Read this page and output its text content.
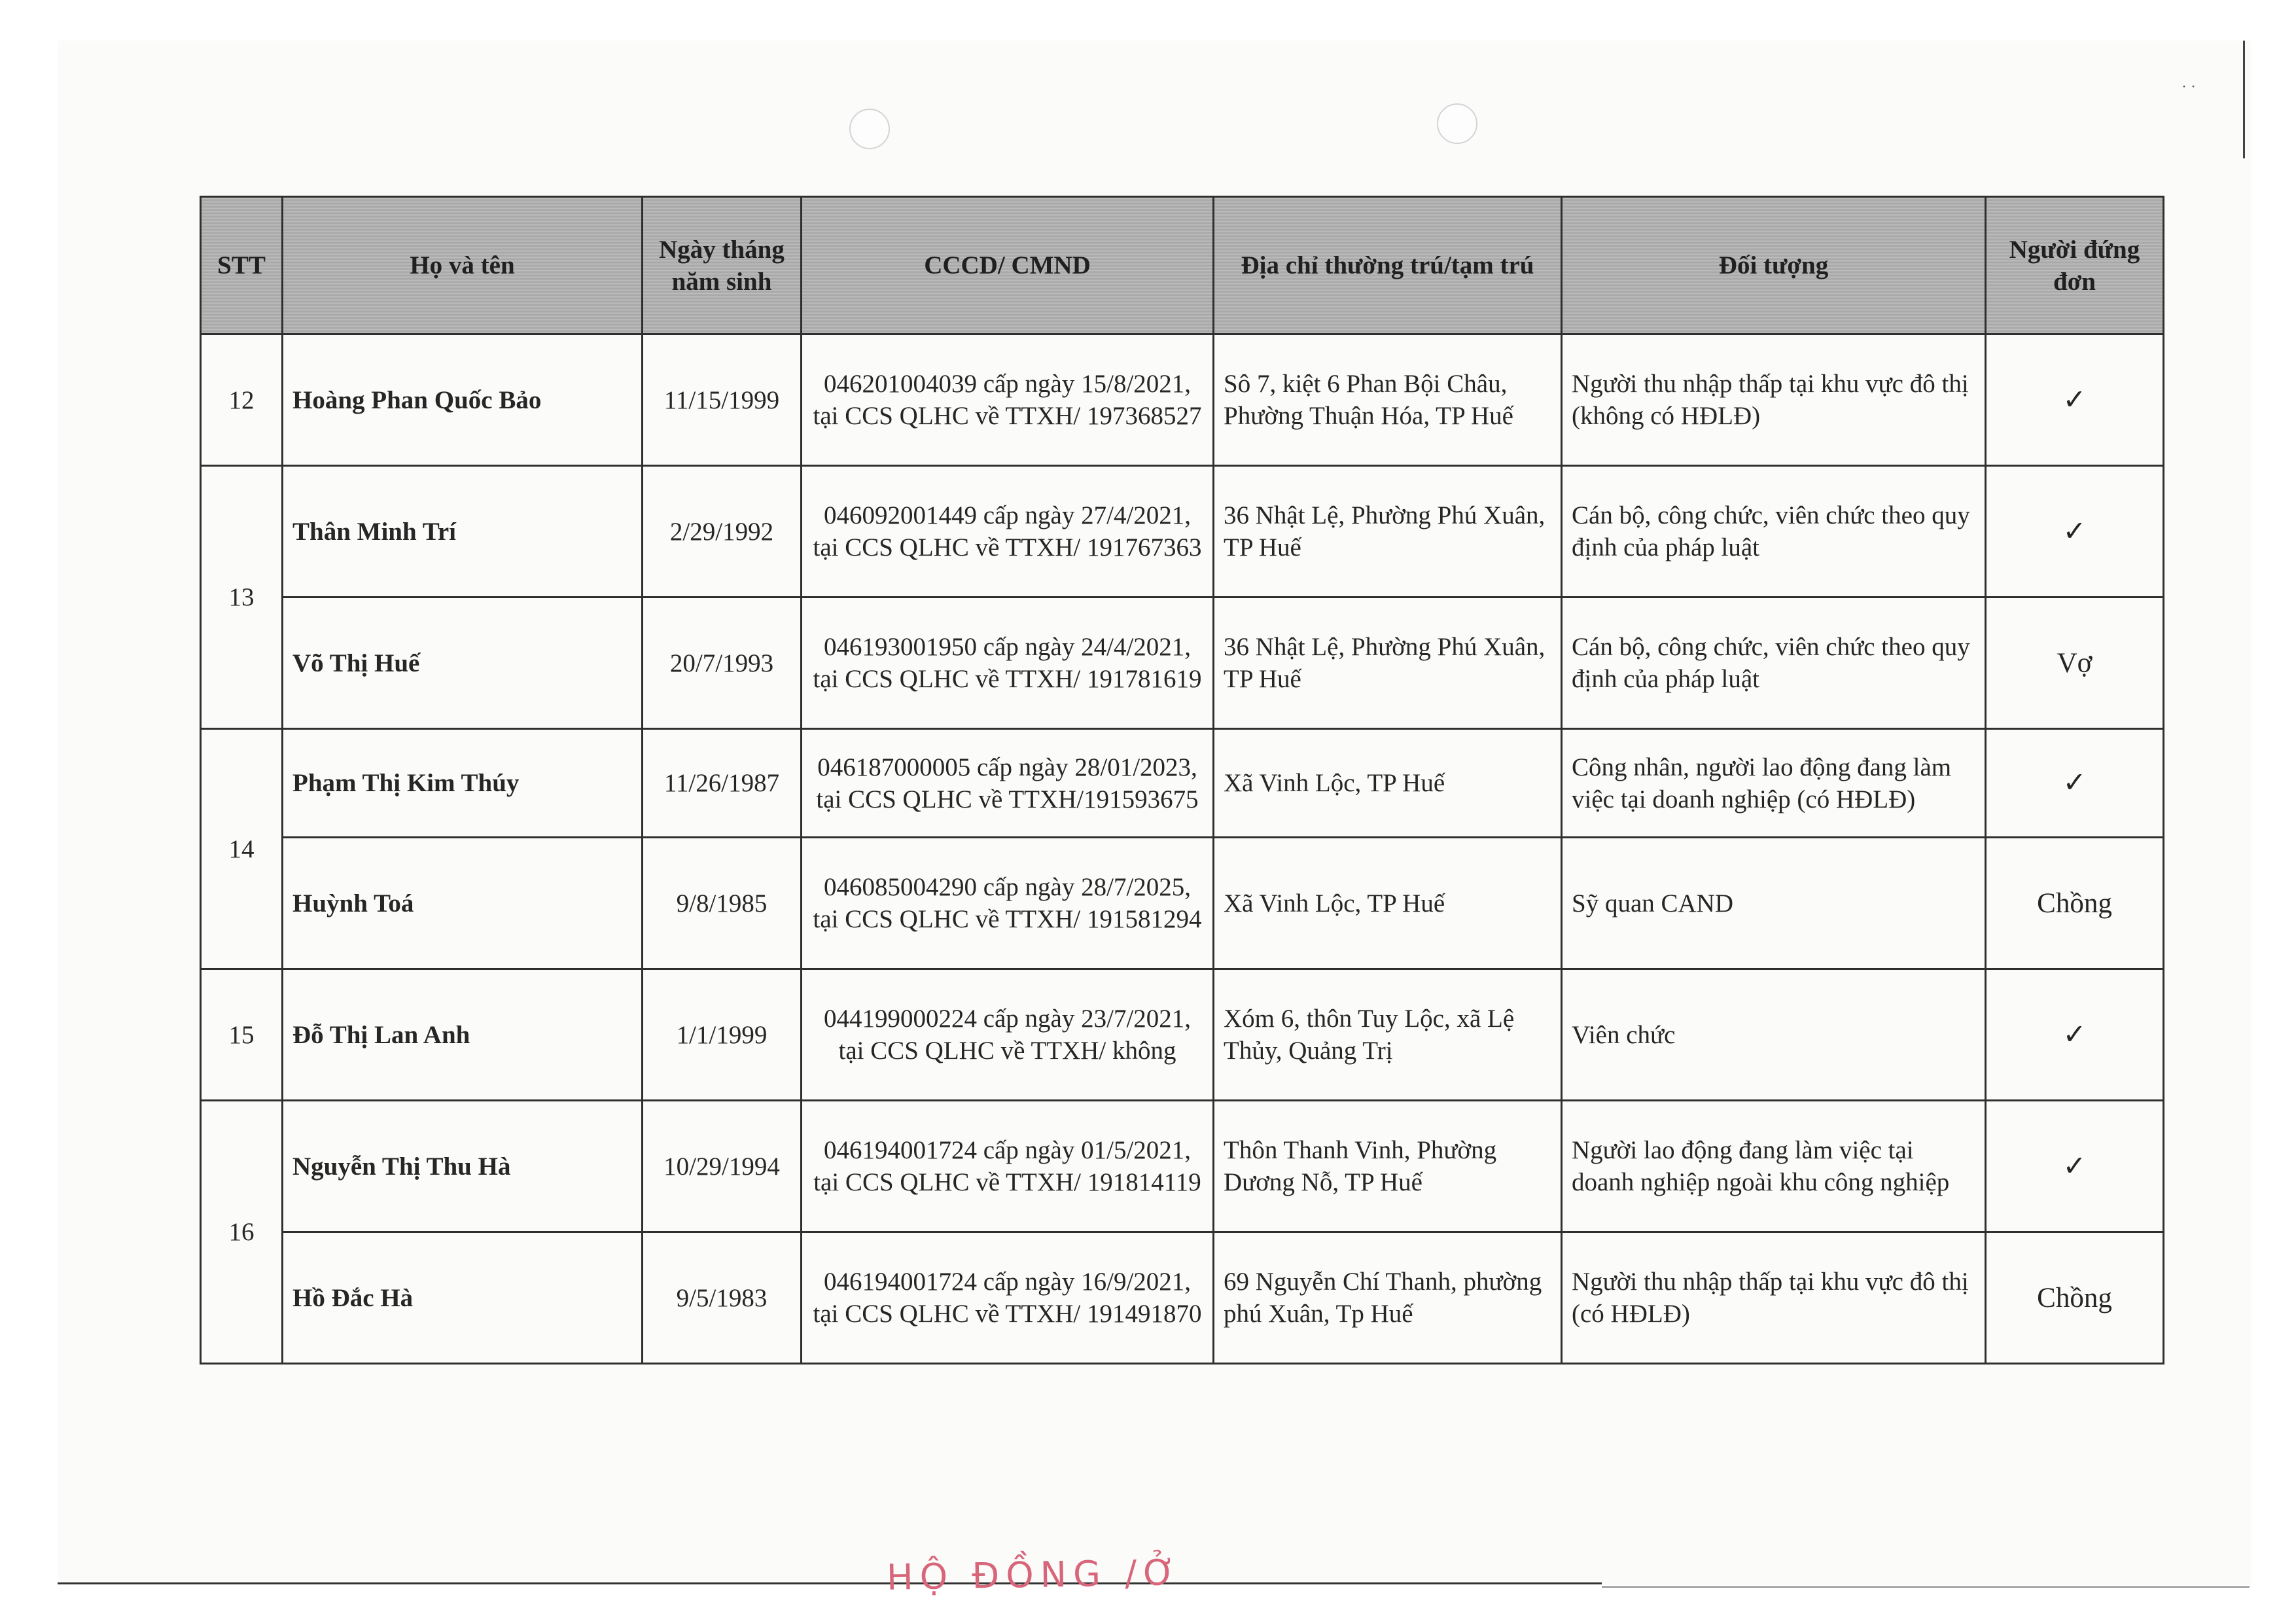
· ·
STT	Họ và tên	Ngày tháng năm sinh	CCCD/ CMND	Địa chỉ thường trú/tạm trú	Đối tượng	Người đứng đơn
12	Hoàng Phan Quốc Bảo	11/15/1999	046201004039 cấp ngày 15/8/2021, tại CCS QLHC về TTXH/ 197368527	Sô 7, kiệt 6 Phan Bội Châu, Phường Thuận Hóa, TP Huế	Người thu nhập thấp tại khu vực đô thị (không có HĐLĐ)	✓
13	Thân Minh Trí	2/29/1992	046092001449 cấp ngày 27/4/2021, tại CCS QLHC về TTXH/ 191767363	36 Nhật Lệ, Phường Phú Xuân, TP Huế	Cán bộ, công chức, viên chức theo quy định của pháp luật	✓
	Võ Thị Huế	20/7/1993	046193001950 cấp ngày 24/4/2021, tại CCS QLHC về TTXH/ 191781619	36 Nhật Lệ, Phường Phú Xuân, TP Huế	Cán bộ, công chức, viên chức theo quy định của pháp luật	Vợ
14	Phạm Thị Kim Thúy	11/26/1987	046187000005 cấp ngày 28/01/2023, tại CCS QLHC về TTXH/191593675	Xã Vinh Lộc, TP Huế	Công nhân, người lao động đang làm việc tại doanh nghiệp (có HĐLĐ)	✓
	Huỳnh Toá	9/8/1985	046085004290 cấp ngày 28/7/2025, tại CCS QLHC về TTXH/ 191581294	Xã Vinh Lộc, TP Huế	Sỹ quan CAND	Chồng
15	Đỗ Thị Lan Anh	1/1/1999	044199000224 cấp ngày 23/7/2021, tại CCS QLHC về TTXH/ không	Xóm 6, thôn Tuy Lộc, xã Lệ Thủy, Quảng Trị	Viên chức	✓
16	Nguyễn Thị Thu Hà	10/29/1994	046194001724 cấp ngày 01/5/2021, tại CCS QLHC về TTXH/ 191814119	Thôn Thanh Vinh, Phường Dương Nỗ, TP Huế	Người lao động đang làm việc tại doanh nghiệp ngoài khu công nghiệp	✓
	Hồ Đắc Hà	9/5/1983	046194001724 cấp ngày 16/9/2021, tại CCS QLHC về TTXH/ 191491870	69 Nguyễn Chí Thanh, phường phú Xuân, Tp Huế	Người thu nhập thấp tại khu vực đô thị (có HĐLĐ)	Chồng
HỘ ĐỒNG /Ở
